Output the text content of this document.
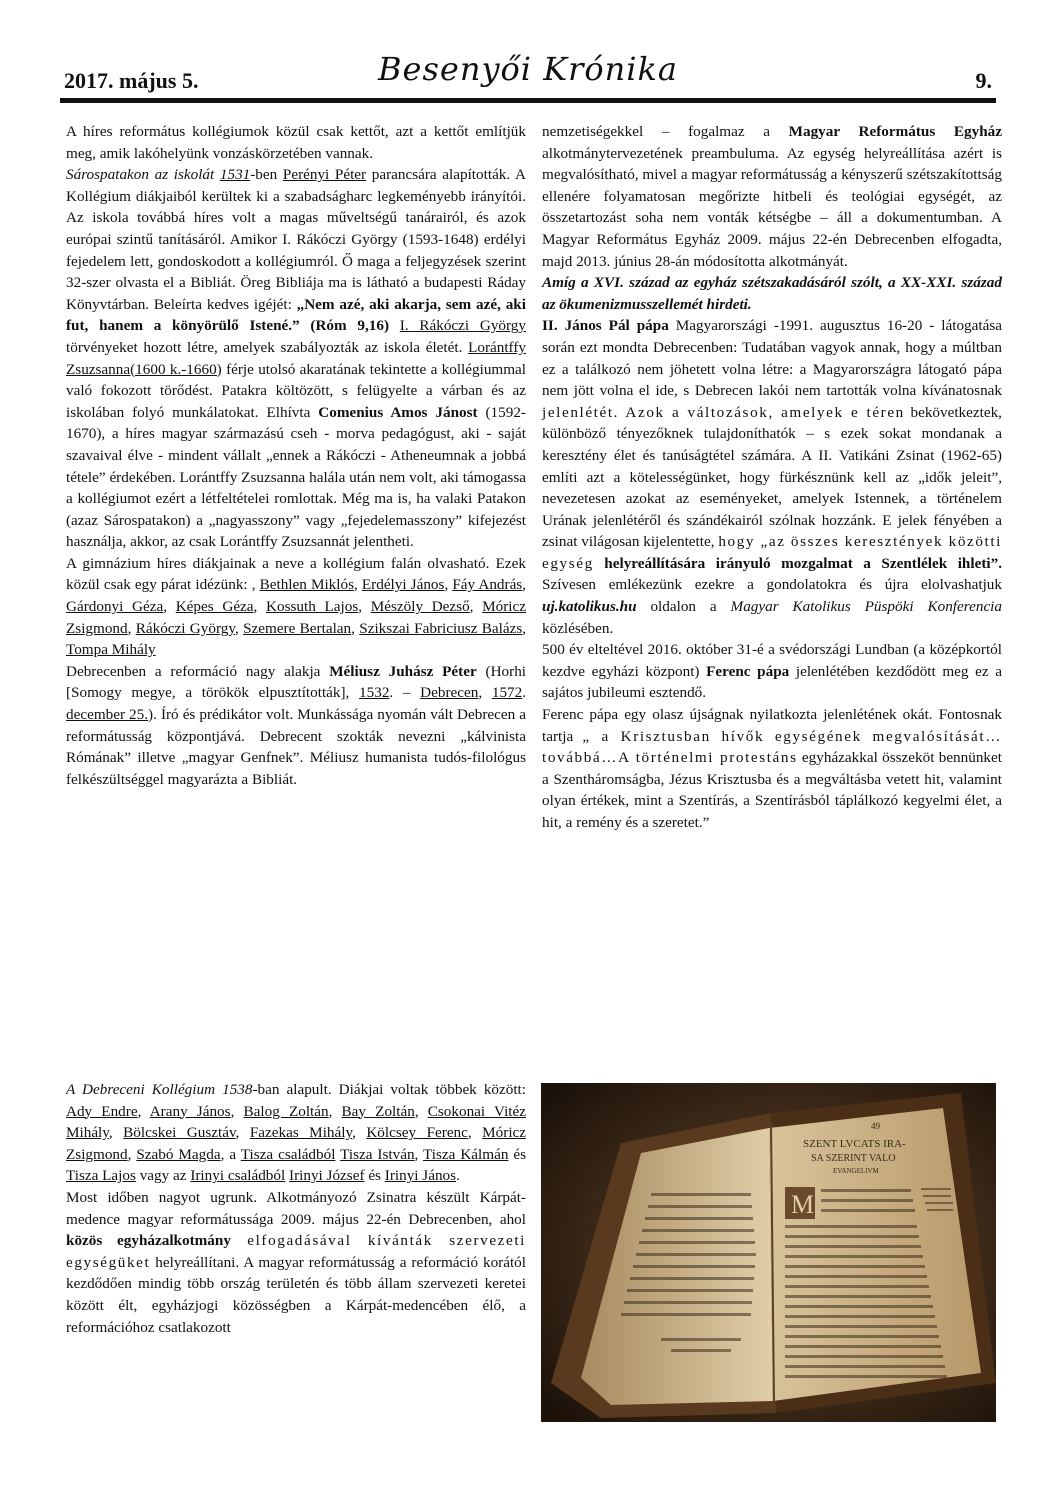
2017. május 5.	Besenyői Krónika	9.

A híres református kollégiumok közül csak kettőt, azt a kettőt említjük meg, amik lakóhelyünk vonzáskörzetében vannak.

Sárospatakon az iskolát 1531-ben Perényi Péter parancsára alapították. A Kollégium diákjaiból kerültek ki a szabadságharc legkeményebb irányítói. Az iskola továbbá híres volt a magas műveltségű tanárairól, és azok európai szintű tanításáról. Amikor I. Rákóczi György (1593-1648) erdélyi fejedelem lett, gondoskodott a kollégiumról. Ő maga a feljegyzések szerint 32-szer olvasta el a Bibliát. Öreg Bibliája ma is látható a budapesti Ráday Könyvtárban. Beleírta kedves igéjét: „Nem azé, aki akarja, sem azé, aki fut, hanem a könyörülő Istené.” (Róm 9,16) I. Rákóczi György törvényeket hozott létre, amelyek szabályozták az iskola életét. Lorántffy Zsuzsanna(1600 k.-1660) férje utolsó akaratának tekintette a kollégiummal való fokozott törődést. Patakra költözött, s felügyelte a várban és az iskolában folyó munkálatokat. Elhívta Comenius Amos Jánost (1592-1670), a híres magyar származású cseh - morva pedagógust, aki - saját szavaival élve - mindent vállalt „ennek a Rákóczi - Atheneumnak a jobbá tétele” érdekében. Lorántffy Zsuzsanna halála után nem volt, aki támogassa a kollégiumot ezért a létfeltételei romlottak. Még ma is, ha valaki Patakon (azaz Sárospatakon) a „nagyasszony” vagy „fejedelemasszony” kifejezést használja, akkor, az csak Lorántffy Zsuzsannát jelentheti.

A gimnázium híres diákjainak a neve a kollégium falán olvasható. Ezek közül csak egy párat idézünk: , Bethlen Miklós, Erdélyi János, Fáy András, Gárdonyi Géza, Képes Géza, Kossuth Lajos, Mészöly Dezső, Móricz Zsigmond, Rákóczi György, Szemere Bertalan, Szikszai Fabriciusz Balázs, Tompa Mihály

Debrecenben a reformáció nagy alakja Méliusz Juhász Péter (Horhi [Somogy megye, a törökök elpusztították], 1532. – Debrecen, 1572. december 25.). Író és prédikátor volt. Munkássága nyomán vált Debrecen a reformátusság központjává. Debrecent szokták nevezni „kálvinista Rómának” illetve „magyar Genfnek”. Méliusz humanista tudós-filológus felkészültséggel magyarázta a Bibliát.

A Debreceni Kollégium 1538-ban alapult. Diákjai voltak többek között: Ady Endre, Arany János, Balog Zoltán, Bay Zoltán, Csokonai Vitéz Mihály, Bölcskei Gusztáv, Fazekas Mihály, Kölcsey Ferenc, Móricz Zsigmond, Szabó Magda, a Tisza családból Tisza István, Tisza Kálmán és Tisza Lajos vagy az Irinyi családból Irinyi József és Irinyi János.

Most időben nagyot ugrunk. Alkotmányozó Zsinatra készült Kárpát-medence magyar reformátussága 2009. május 22-én Debrecenben, ahol közös egyházalkotmány elfogadásával kívánták szervezeti egységüket helyreállítani. A magyar reformátusság a reformáció korától kezdődően mindig több ország területén és több állam szervezeti keretei között élt, egyházjogi közösségben a Kárpát-medencében élő, a reformációhoz csatlakozott

nemzetiségekkel – fogalmaz a Magyar Református Egyház alkotmánytervezetének preambuluma. Az egység helyreállítása azért is megvalósítható, mivel a magyar reformátusság a kényszerű szétszakítottság ellenére folyamatosan megőrizte hitbeli és teológiai egységét, az összetartozást soha nem vonták kétségbe – áll a dokumentumban. A Magyar Református Egyház 2009. május 22-én Debrecenben elfogadta, majd 2013. június 28-án módosította alkotmányát.

Amíg a XVI. század az egyház szétszakadásáról szólt, a XX-XXI. század az ökumenizmusszellemét hirdeti.

II. János Pál pápa Magyarországi -1991. augusztus 16-20 - látogatása során ezt mondta Debrecenben: Tudatában vagyok annak, hogy a múltban ez a találkozó nem jöhetett volna létre: a Magyarországra látogató pápa nem jött volna el ide, s Debrecen lakói nem tartották volna kívánatosnak jelenlétét. Azok a változások, amelyek e téren bekövetkeztek, különböző tényezőknek tulajdoníthatók – s ezek sokat mondanak a keresztény élet és tanúságtétel számára. A II. Vatikáni Zsinat (1962-65) említi azt a kötelességünket, hogy fürkésznünk kell az „idők jeleit”, nevezetesen azokat az eseményeket, amelyek Istennek, a történelem Urának jelenlétéről és szándékairól szólnak hozzánk. E jelek fényében a zsinat világosan kijelentette, hogy „az összes keresztények közötti egység helyreállítására irányuló mozgalmat a Szentlélek ihleti”. Szívesen emlékezünk ezekre a gondolatokra és újra elolvashatjuk uj.katolikus.hu oldalon a Magyar Katolikus Püspöki Konferencia közlésében.

500 év elteltével 2016. október 31-é a svédországi Lundban (a középkortól kezdve egyházi központ) Ferenc pápa jelenlétében kezdődött meg ez a sajátos jubileumi esztendő.

Ferenc pápa egy olasz újságnak nyilatkozta jelenlétének okát. Fontosnak tartja „ a Krisztusban hívők egységének megvalósítását…továbbá…A történelmi protestáns egyházakkal összeköt bennünket a Szentháromságba, Jézus Krisztusba és a megváltásba vetett hit, valamint olyan értékek, mint a Szentírás, a Szentírásból táplálkozó kegyelmi élet, a hit, a remény és a szeretet.”

49
SZENT LVCATS IRA-
SA SZERINT VALO
EVANGELIVM
M
